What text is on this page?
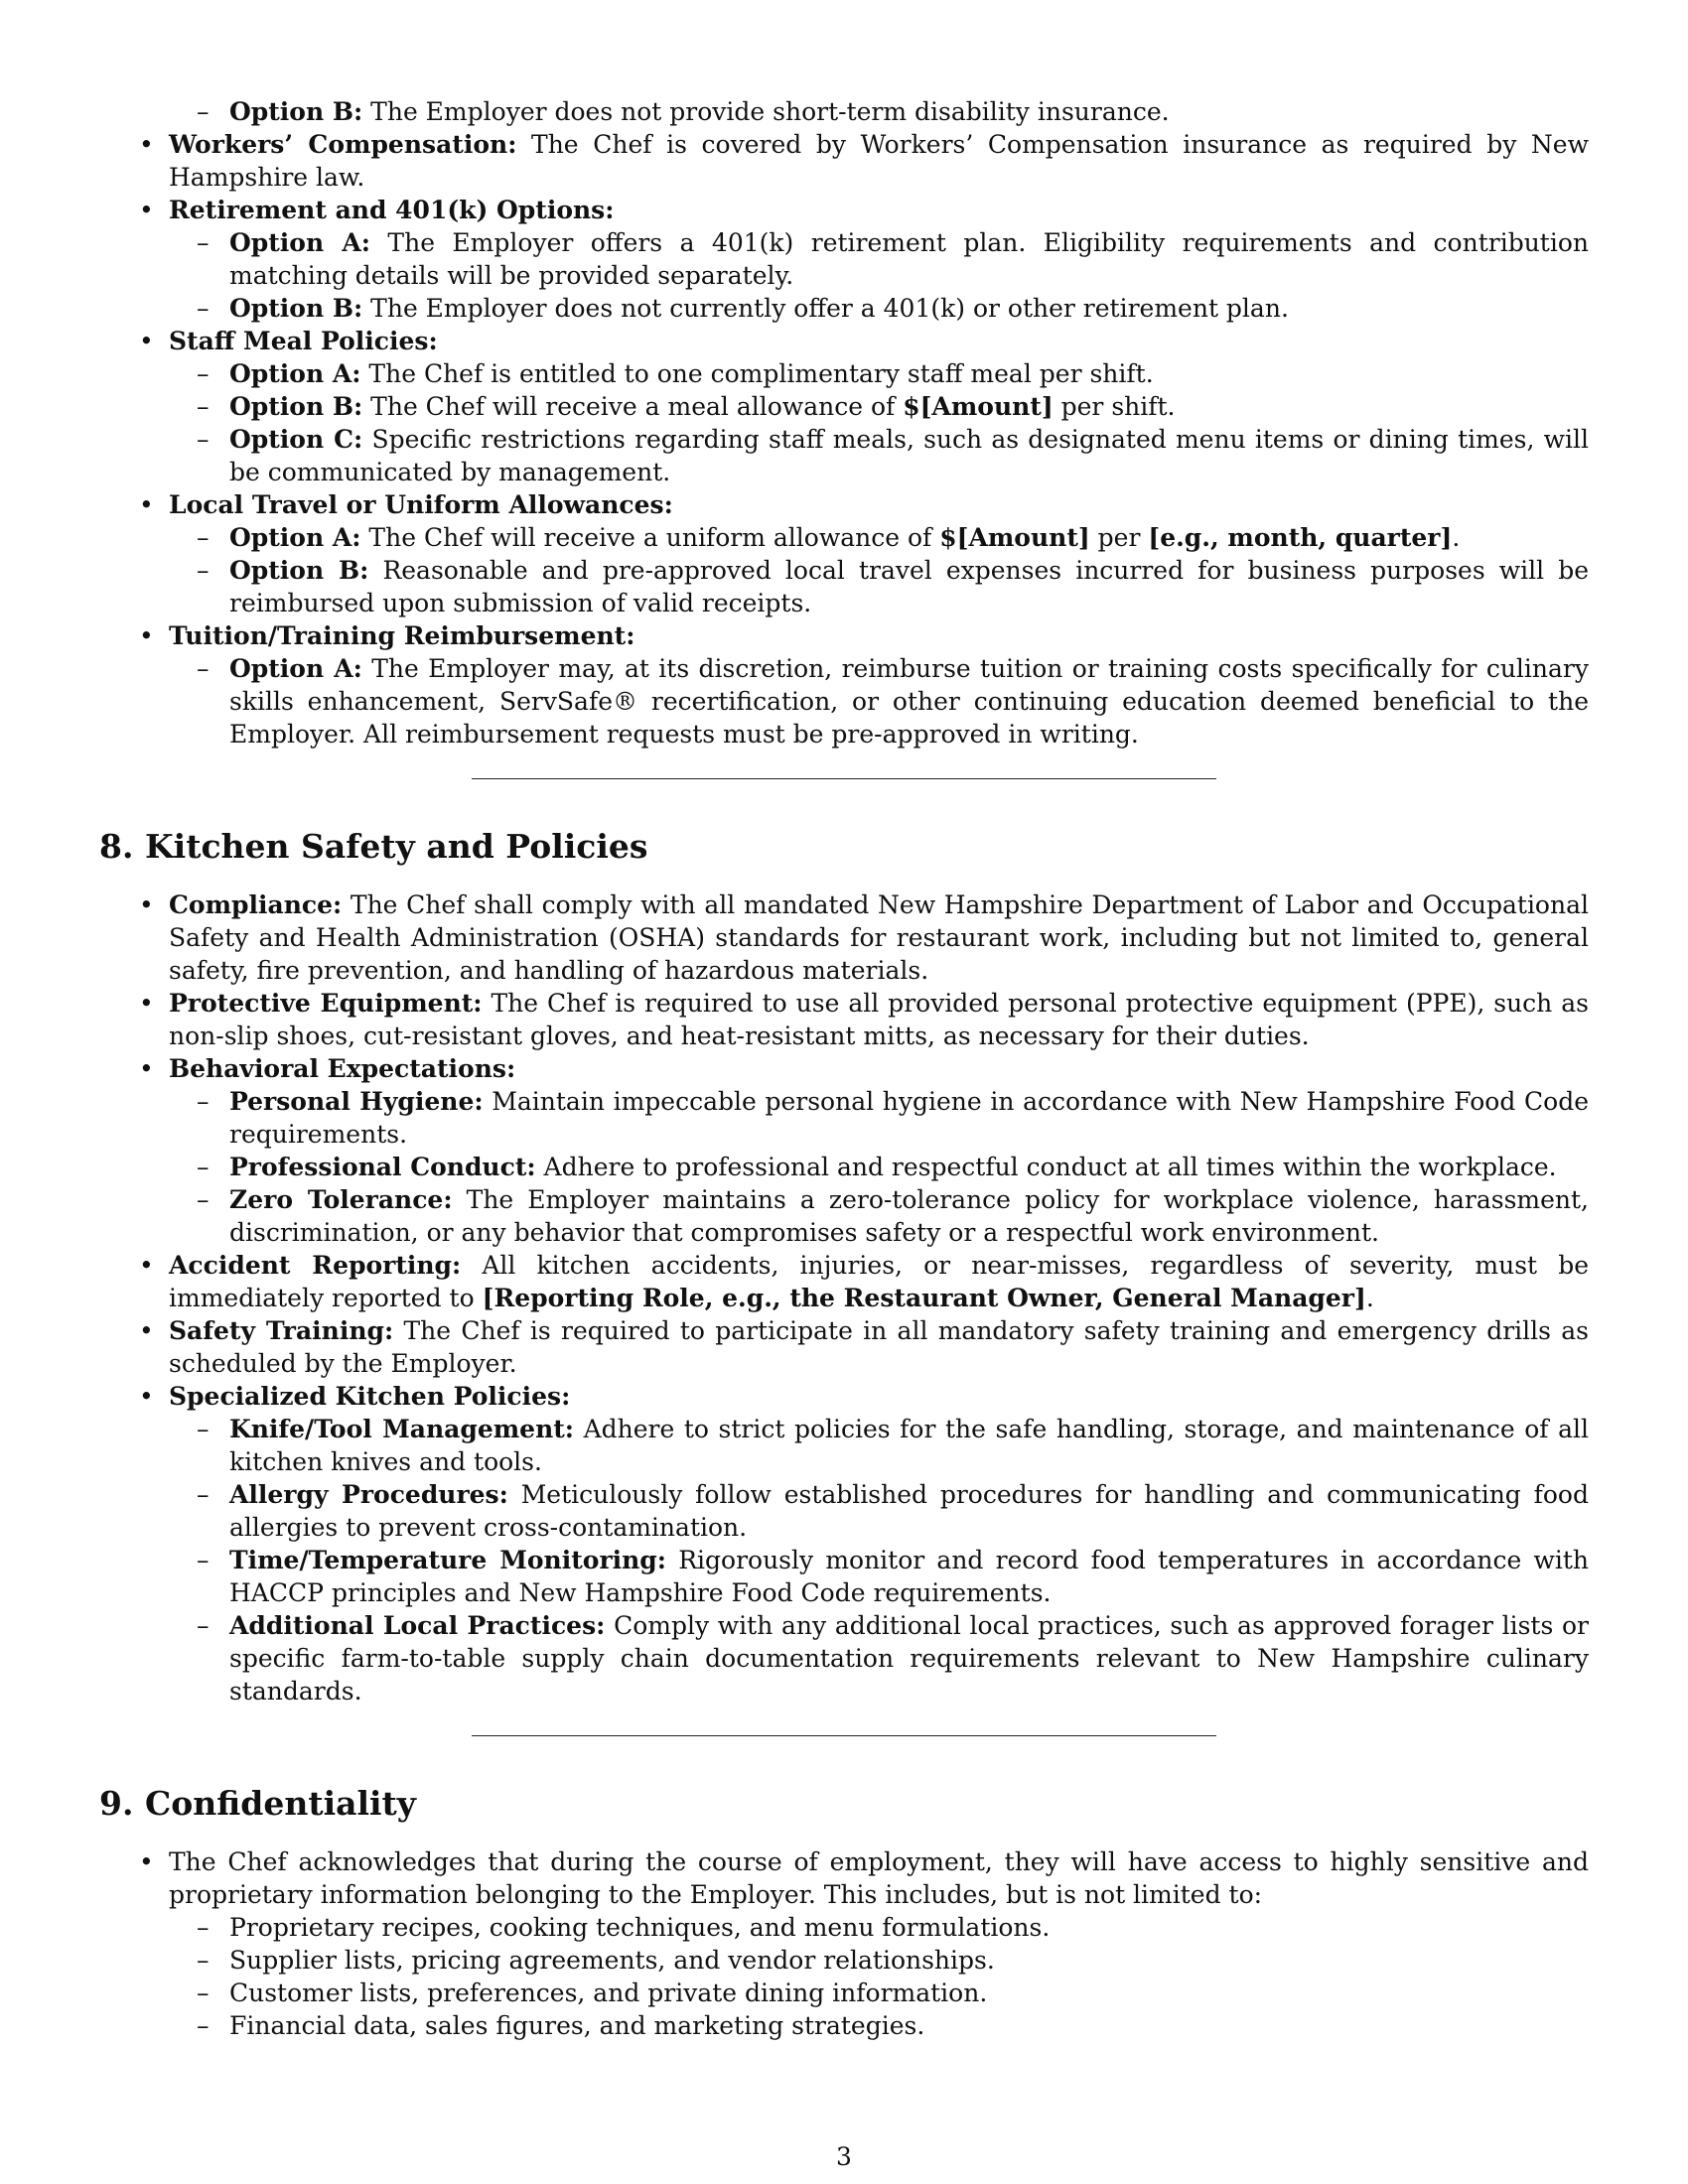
– Option B: The Employer does not provide short-term disability insurance.
• Workers’ Compensation: The Chef is covered by Workers’ Compensation insurance as required by New Hampshire law.
• Retirement and 401(k) Options:
– Option A: The Employer offers a 401(k) retirement plan. Eligibility requirements and contribution matching details will be provided separately.
– Option B: The Employer does not currently offer a 401(k) or other retirement plan.
• Staff Meal Policies:
– Option A: The Chef is entitled to one complimentary staff meal per shift.
– Option B: The Chef will receive a meal allowance of $[Amount] per shift.
– Option C: Specific restrictions regarding staff meals, such as designated menu items or dining times, will be communicated by management.
• Local Travel or Uniform Allowances:
– Option A: The Chef will receive a uniform allowance of $[Amount] per [e.g., month, quarter].
– Option B: Reasonable and pre-approved local travel expenses incurred for business purposes will be reimbursed upon submission of valid receipts.
• Tuition/Training Reimbursement:
– Option A: The Employer may, at its discretion, reimburse tuition or training costs specifically for culinary skills enhancement, ServSafe® recertification, or other continuing education deemed beneficial to the Employer. All reimbursement requests must be pre-approved in writing.
8. Kitchen Safety and Policies
• Compliance: The Chef shall comply with all mandated New Hampshire Department of Labor and Occupational Safety and Health Administration (OSHA) standards for restaurant work, including but not limited to, general safety, fire prevention, and handling of hazardous materials.
• Protective Equipment: The Chef is required to use all provided personal protective equipment (PPE), such as non-slip shoes, cut-resistant gloves, and heat-resistant mitts, as necessary for their duties.
• Behavioral Expectations:
– Personal Hygiene: Maintain impeccable personal hygiene in accordance with New Hampshire Food Code requirements.
– Professional Conduct: Adhere to professional and respectful conduct at all times within the workplace.
– Zero Tolerance: The Employer maintains a zero-tolerance policy for workplace violence, harassment, discrimination, or any behavior that compromises safety or a respectful work environment.
• Accident Reporting: All kitchen accidents, injuries, or near-misses, regardless of severity, must be immediately reported to [Reporting Role, e.g., the Restaurant Owner, General Manager].
• Safety Training: The Chef is required to participate in all mandatory safety training and emergency drills as scheduled by the Employer.
• Specialized Kitchen Policies:
– Knife/Tool Management: Adhere to strict policies for the safe handling, storage, and maintenance of all kitchen knives and tools.
– Allergy Procedures: Meticulously follow established procedures for handling and communicating food allergies to prevent cross-contamination.
– Time/Temperature Monitoring: Rigorously monitor and record food temperatures in accordance with HACCP principles and New Hampshire Food Code requirements.
– Additional Local Practices: Comply with any additional local practices, such as approved forager lists or specific farm-to-table supply chain documentation requirements relevant to New Hampshire culinary standards.
9. Confidentiality
• The Chef acknowledges that during the course of employment, they will have access to highly sensitive and proprietary information belonging to the Employer. This includes, but is not limited to:
– Proprietary recipes, cooking techniques, and menu formulations.
– Supplier lists, pricing agreements, and vendor relationships.
– Customer lists, preferences, and private dining information.
– Financial data, sales figures, and marketing strategies.
3
